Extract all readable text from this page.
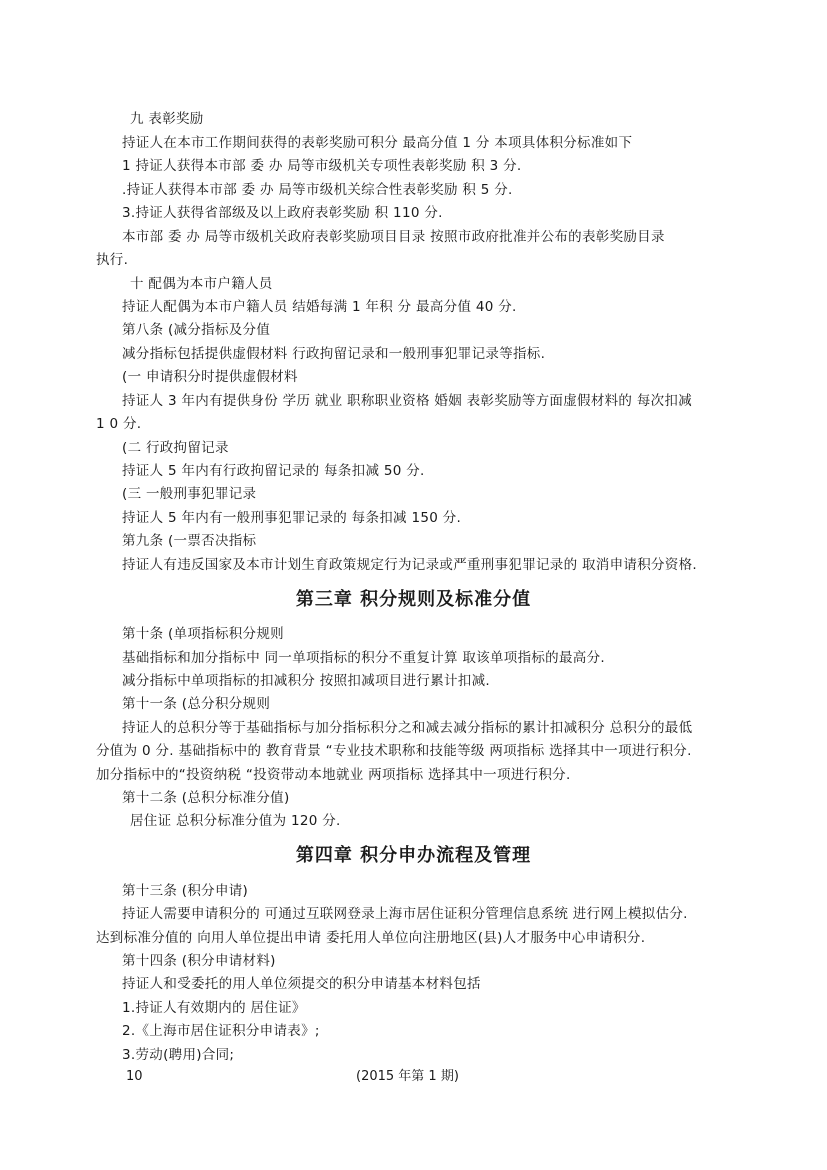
九 表彰奖励
持证人在本市工作期间获得的表彰奖励可积分 最高分值 1 分 本项具体积分标准如下
1 持证人获得本市部 委 办 局等市级机关专项性表彰奖励 积 3 分.
.持证人获得本市部 委 办 局等市级机关综合性表彰奖励 积 5 分.
3.持证人获得省部级及以上政府表彰奖励 积 110 分.
本市部 委 办 局等市级机关政府表彰奖励项目目录 按照市政府批准并公布的表彰奖励目录
执行.
十 配偶为本市户籍人员
持证人配偶为本市户籍人员 结婚每满 1 年积 分 最高分值 40 分.
第八条 (减分指标及分值
减分指标包括提供虚假材料 行政拘留记录和一般刑事犯罪记录等指标.
(一 申请积分时提供虚假材料
持证人 3 年内有提供身份 学历 就业 职称职业资格 婚姻 表彰奖励等方面虚假材料的 每次扣减
1 0 分.
(二 行政拘留记录
持证人 5 年内有行政拘留记录的 每条扣减 50 分.
(三 一般刑事犯罪记录
持证人 5 年内有一般刑事犯罪记录的 每条扣减 150 分.
第九条 (一票否决指标
持证人有违反国家及本市计划生育政策规定行为记录或严重刑事犯罪记录的 取消申请积分资格.
第三章 积分规则及标准分值
第十条 (单项指标积分规则
基础指标和加分指标中 同一单项指标的积分不重复计算 取该单项指标的最高分.
减分指标中单项指标的扣减积分 按照扣减项目进行累计扣减.
第十一条 (总分积分规则
持证人的总积分等于基础指标与加分指标积分之和减去减分指标的累计扣减积分 总积分的最低
分值为 0 分. 基础指标中的 教育背景 “专业技术职称和技能等级 两项指标 选择其中一项进行积分.
加分指标中的“投资纳税 “投资带动本地就业 两项指标 选择其中一项进行积分.
第十二条 (总积分标准分值)
居住证 总积分标准分值为 120 分.
第四章 积分申办流程及管理
第十三条 (积分申请)
持证人需要申请积分的 可通过互联网登录上海市居住证积分管理信息系统 进行网上模拟估分.
达到标准分值的 向用人单位提出申请 委托用人单位向注册地区(县)人才服务中心申请积分.
第十四条 (积分申请材料)
持证人和受委托的用人单位须提交的积分申请基本材料包括
1.持证人有效期内的 居住证》
2.《上海市居住证积分申请表》;
3.劳动(聘用)合同;
10	(2015 年第 1 期)
